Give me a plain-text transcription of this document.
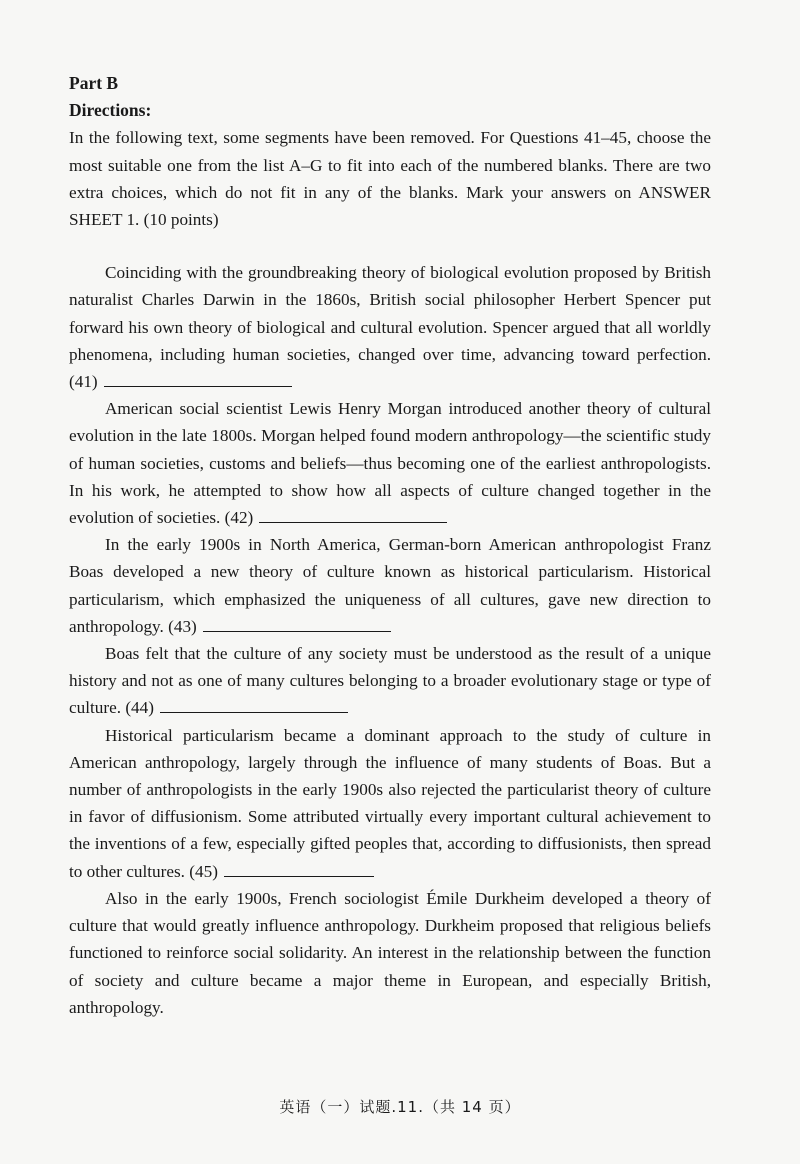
Part B
Directions:

In the following text, some segments have been removed. For Questions 41–45, choose the most suitable one from the list A–G to fit into each of the numbered blanks. There are two extra choices, which do not fit in any of the blanks. Mark your answers on ANSWER SHEET 1. (10 points)

Coinciding with the groundbreaking theory of biological evolution proposed by British naturalist Charles Darwin in the 1860s, British social philosopher Herbert Spencer put forward his own theory of biological and cultural evolution. Spencer argued that all worldly phenomena, including human societies, changed over time, advancing toward perfection. (41)

American social scientist Lewis Henry Morgan introduced another theory of cultural evolution in the late 1800s. Morgan helped found modern anthropology—the scientific study of human societies, customs and beliefs—thus becoming one of the earliest anthropologists. In his work, he attempted to show how all aspects of culture changed together in the evolution of societies. (42)

In the early 1900s in North America, German-born American anthropologist Franz Boas developed a new theory of culture known as historical particularism. Historical particularism, which emphasized the uniqueness of all cultures, gave new direction to anthropology. (43)

Boas felt that the culture of any society must be understood as the result of a unique history and not as one of many cultures belonging to a broader evolutionary stage or type of culture. (44)

Historical particularism became a dominant approach to the study of culture in American anthropology, largely through the influence of many students of Boas. But a number of anthropologists in the early 1900s also rejected the particularist theory of culture in favor of diffusionism. Some attributed virtually every important cultural achievement to the inventions of a few, especially gifted peoples that, according to diffusionists, then spread to other cultures. (45)

Also in the early 1900s, French sociologist Émile Durkheim developed a theory of culture that would greatly influence anthropology. Durkheim proposed that religious beliefs functioned to reinforce social solidarity. An interest in the relationship between the function of society and culture became a major theme in European, and especially British, anthropology.

英语（一）试题.11.（共 14 页）
